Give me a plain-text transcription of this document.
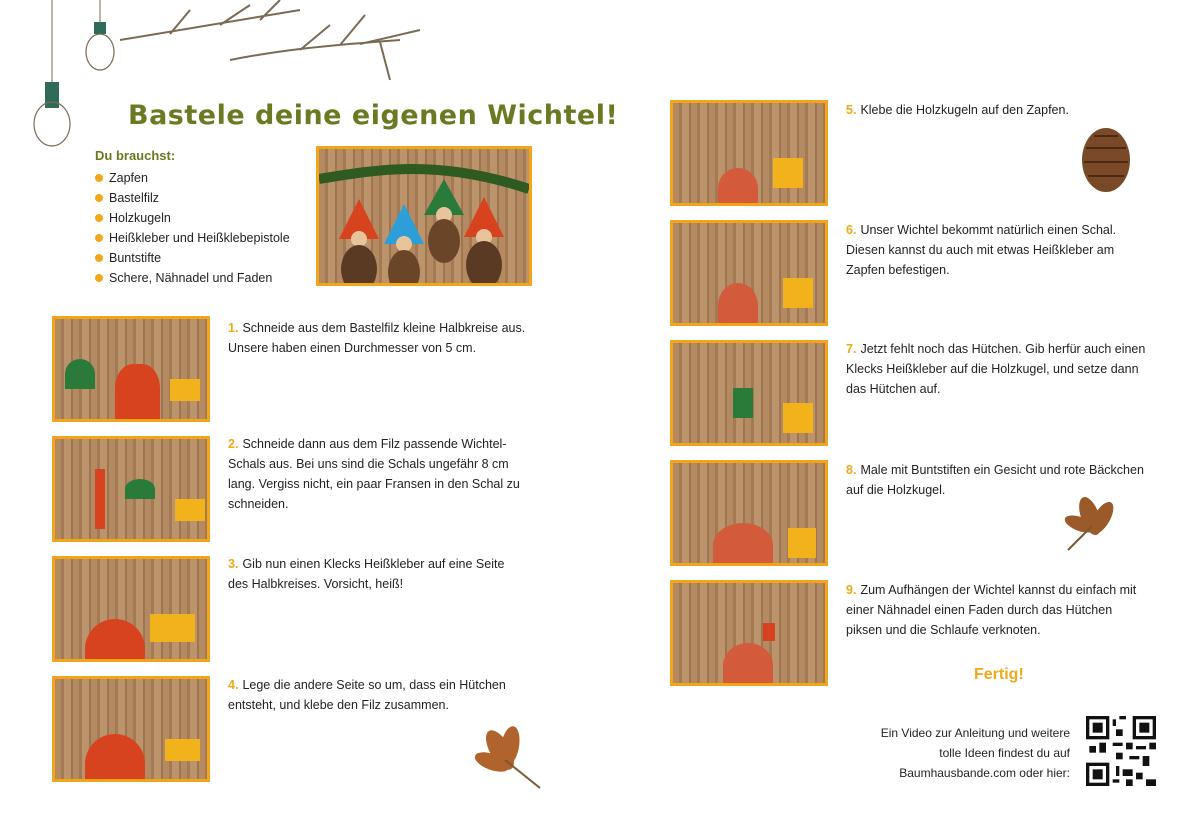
Bastele deine eigenen Wichtel!
Du brauchst:
Zapfen
Bastelfilz
Holzkugeln
Heißkleber und Heißklebepistole
Buntstifte
Schere, Nähnadel und Faden
1. Schneide aus dem Bastelfilz kleine Halbkreise aus. Unsere haben einen Durchmesser von 5 cm.
2. Schneide dann aus dem Filz passende Wichtel-Schals aus. Bei uns sind die Schals ungefähr 8 cm lang. Vergiss nicht, ein paar Fransen in den Schal zu schneiden.
3. Gib nun einen Klecks Heißkleber auf eine Seite des Halbkreises. Vorsicht, heiß!
4. Lege die andere Seite so um, dass ein Hütchen entsteht, und klebe den Filz zusammen.
5. Klebe die Holzkugeln auf den Zapfen.
6. Unser Wichtel bekommt natürlich einen Schal. Diesen kannst du auch mit etwas Heißkleber am Zapfen befestigen.
7. Jetzt fehlt noch das Hütchen. Gib herfür auch einen Klecks Heißkleber auf die Holzkugel, und setze dann das Hütchen auf.
8. Male mit Buntstiften ein Gesicht und rote Bäckchen auf die Holzkugel.
9. Zum Aufhängen der Wichtel kannst du einfach mit einer Nähnadel einen Faden durch das Hütchen piksen und die Schlaufe verknoten.
Fertig!
Ein Video zur Anleitung und weitere tolle Ideen findest du auf Baumhausbande.com oder hier:
